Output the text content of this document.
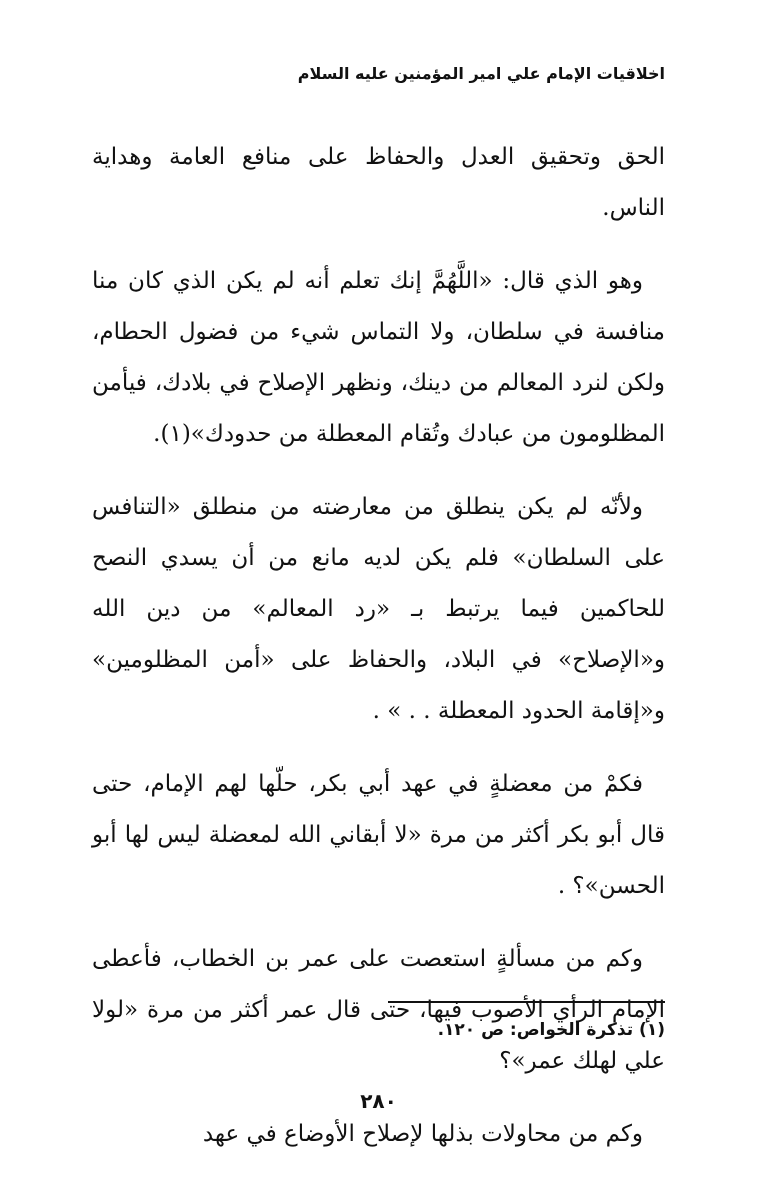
اخلاقيات الإمام علي امير المؤمنين عليه السلام

الحق وتحقيق العدل والحفاظ على منافع العامة وهداية الناس.

وهو الذي قال: «اللَّهُمَّ إنك تعلم أنه لم يكن الذي كان منا منافسة في سلطان، ولا التماس شيء من فضول الحطام، ولكن لنرد المعالم من دينك، ونظهر الإصلاح في بلادك، فيأمن المظلومون من عبادك وتُقام المعطلة من حدودك»(١).

ولأنّه لم يكن ينطلق من معارضته من منطلق «التنافس على السلطان» فلم يكن لديه مانع من أن يسدي النصح للحاكمين فيما يرتبط بـ «رد المعالم» من دين الله و«الإصلاح» في البلاد، والحفاظ على «أمن المظلومين» و«إقامة الحدود المعطلة . . » .

فكمْ من معضلةٍ في عهد أبي بكر، حلّها لهم الإمام، حتى قال أبو بكر أكثر من مرة «لا أبقاني الله لمعضلة ليس لها أبو الحسن»؟ .

وكم من مسألةٍ استعصت على عمر بن الخطاب، فأعطى الإمام الرأي الأصوب فيها، حتى قال عمر أكثر من مرة «لولا علي لهلك عمر»؟

وكم من محاولات بذلها لإصلاح الأوضاع في عهد

(١) تذكرة الخواص: ص ١٢٠.
٢٨٠
